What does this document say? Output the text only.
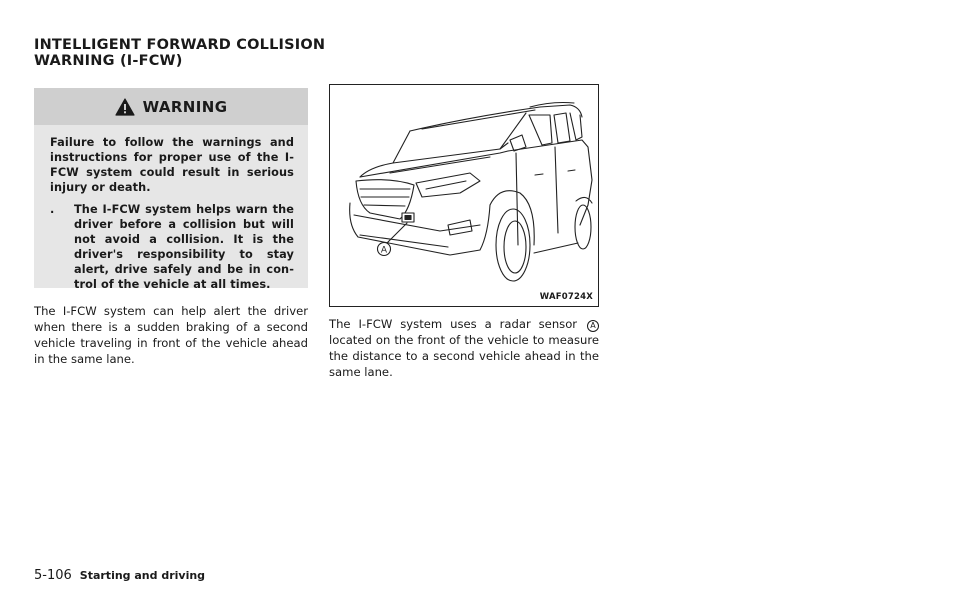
INTELLIGENT FORWARD COLLISION
WARNING (I-FCW)
WARNING

Failure to follow the warnings and instructions for proper use of the I-FCW system could result in serious injury or death.

.	The I-FCW system helps warn the driver before a collision but will not avoid a collision. It is the driver's responsibility to stay alert, drive safely and be in con-trol of the vehicle at all times.

The I-FCW system can help alert the driver when there is a sudden braking of a second vehicle traveling in front of the vehicle ahead in the same lane.

A
WAF0724X

The I-FCW system uses a radar sensor A located on the front of the vehicle to measure the distance to a second vehicle ahead in the same lane.

5-106 Starting and driving
